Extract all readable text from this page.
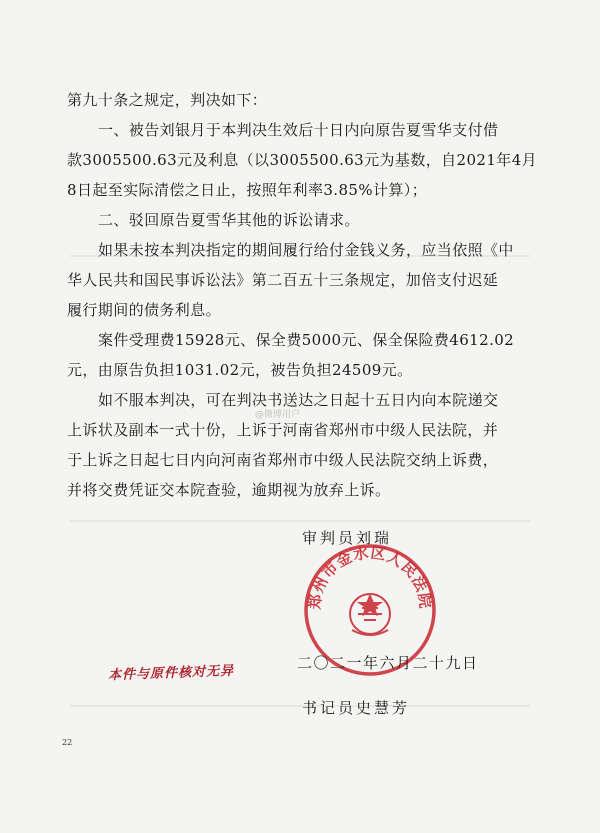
第九十条之规定，判决如下：
一、被告刘银月于本判决生效后十日内向原告夏雪华支付借
款3005500.63元及利息（以3005500.63元为基数，自2021年4月
8日起至实际清偿之日止，按照年利率3.85%计算）；
二、驳回原告夏雪华其他的诉讼请求。
如果未按本判决指定的期间履行给付金钱义务，应当依照《中
华人民共和国民事诉讼法》第二百五十三条规定，加倍支付迟延
履行期间的债务利息。
案件受理费15928元、保全费5000元、保全保险费4612.02
元，由原告负担1031.02元，被告负担24509元。
如不服本判决，可在判决书送达之日起十五日内向本院递交
上诉状及副本一式十份，上诉于河南省郑州市中级人民法院，并
于上诉之日起七日内向河南省郑州市中级人民法院交纳上诉费，
并将交费凭证交本院查验，逾期视为放弃上诉。
@微博用户
审判员刘瑞
郑州市金水区人民法院
二〇二一年六月二十九日
本件与原件核对无异
书记员史慧芳
22
